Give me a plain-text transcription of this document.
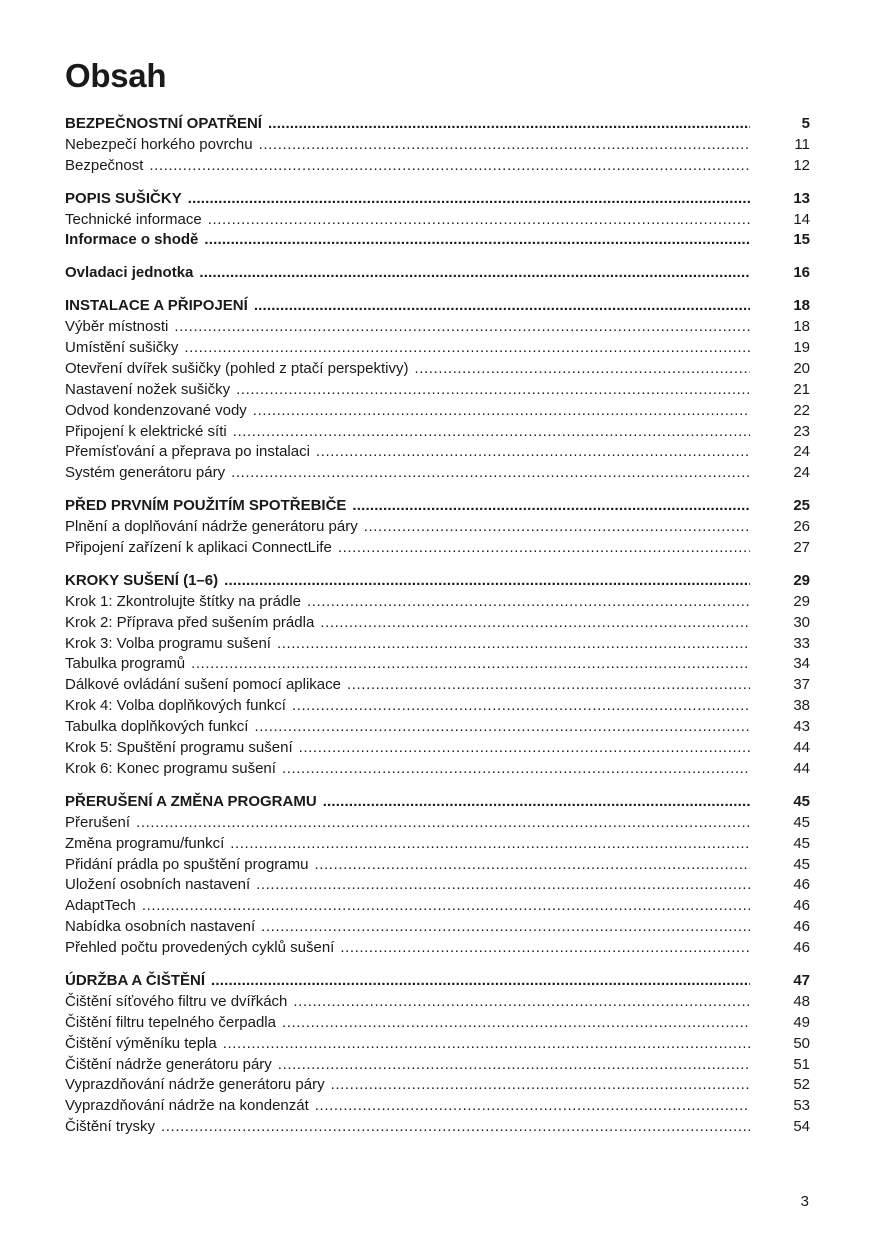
Obsah
BEZPEČNOSTNÍ OPATŘENÍ .....	5
Nebezpečí horkého povrchu .....	11
Bezpečnost .....	12
POPIS SUŠIČKY .....	13
Technické informace .....	14
Informace o shodě .....	15
Ovladaci jednotka .....	16
INSTALACE A PŘIPOJENÍ .....	18
Výběr místnosti .....	18
Umístění sušičky .....	19
Otevření dvířek sušičky (pohled z ptačí perspektivy) .....	20
Nastavení nožek sušičky .....	21
Odvod kondenzované vody .....	22
Připojení k elektrické síti .....	23
Přemísťování a přeprava po instalaci .....	24
Systém generátoru páry .....	24
PŘED PRVNÍM POUŽITÍM SPOTŘEBIČE .....	25
Plnění a doplňování nádrže generátoru páry .....	26
Připojení zařízení k aplikaci ConnectLife .....	27
KROKY SUŠENÍ (1–6) .....	29
Krok 1: Zkontrolujte štítky na prádle .....	29
Krok 2: Příprava před sušením prádla .....	30
Krok 3: Volba programu sušení .....	33
Tabulka programů .....	34
Dálkové ovládání sušení pomocí aplikace .....	37
Krok 4: Volba doplňkových funkcí .....	38
Tabulka doplňkových funkcí .....	43
Krok 5: Spuštění programu sušení .....	44
Krok 6: Konec programu sušení .....	44
PŘERUŠENÍ A ZMĚNA PROGRAMU .....	45
Přerušení .....	45
Změna programu/funkcí .....	45
Přidání prádla po spuštění programu .....	45
Uložení osobních nastavení .....	46
AdaptTech .....	46
Nabídka osobních nastavení .....	46
Přehled počtu provedených cyklů sušení .....	46
ÚDRŽBA A ČIŠTĚNÍ .....	47
Čištění síťového filtru ve dvířkách .....	48
Čištění filtru tepelného čerpadla .....	49
Čištění výměníku tepla .....	50
Čištění nádrže generátoru páry .....	51
Vyprazdňování nádrže generátoru páry .....	52
Vyprazdňování nádrže na kondenzát .....	53
Čištění trysky .....	54
3
